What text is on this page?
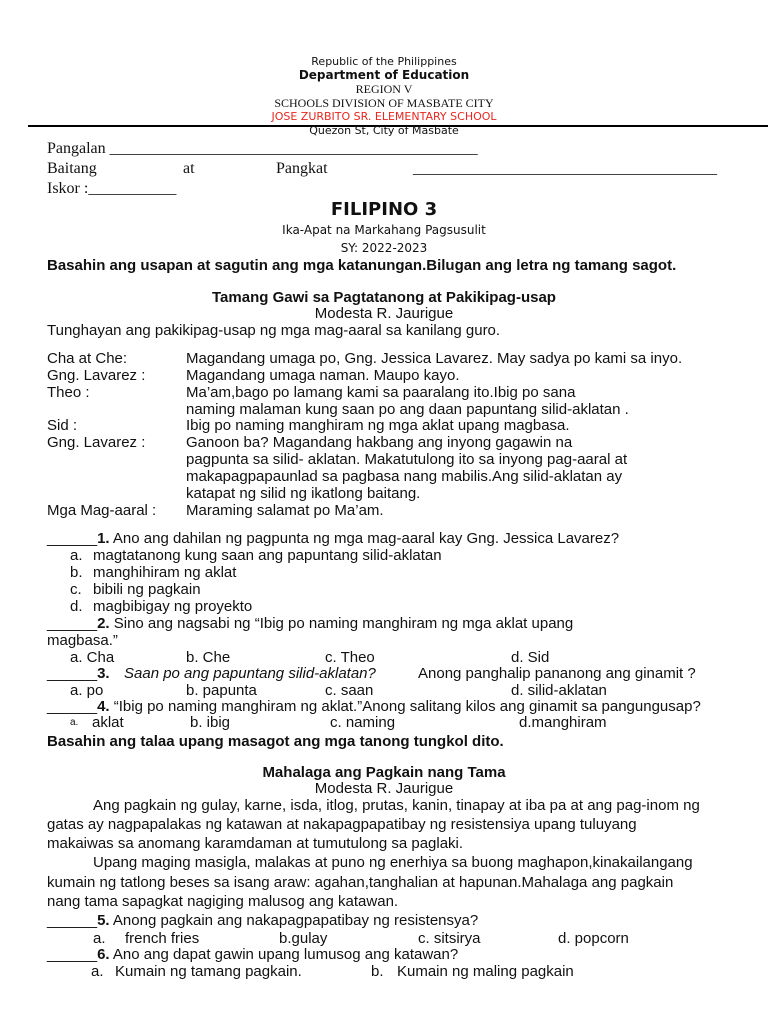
Republic of the Philippines
Department of Education
REGION V
SCHOOLS DIVISION OF MASBATE CITY
JOSE ZURBITO SR. ELEMENTARY SCHOOL
Quezon St, City of Masbate
Pangalan ______________________________________________
Baitang	at	Pangkat	______________________________________
Iskor :___________
FILIPINO 3
Ika-Apat na Markahang Pagsusulit
SY: 2022-2023
Basahin ang usapan at sagutin ang mga katanungan.Bilugan ang letra ng tamang sagot.
Tamang Gawi sa Pagtatanong at Pakikipag-usap
Modesta R. Jaurigue
Tunghayan ang pakikipag-usap ng mga mag-aaral sa kanilang guro.
Cha at Che:	Magandang umaga po, Gng. Jessica Lavarez. May sadya po kami sa inyo.
Gng. Lavarez :	Magandang umaga naman. Maupo kayo.
Theo :	Ma’am,bago po lamang kami sa paaralang ito.Ibig po sana
naming malaman kung saan po ang daan papuntang silid-aklatan .
Sid :	Ibig po naming manghiram ng mga aklat upang magbasa.
Gng. Lavarez :	Ganoon ba? Magandang hakbang ang inyong gagawin na
pagpunta sa silid- aklatan. Makatutulong ito sa inyong pag-aaral at
makapagpapaunlad sa pagbasa nang mabilis.Ang silid-aklatan ay
katapat ng silid ng ikatlong baitang.
Mga Mag-aaral : Maraming salamat po Ma’am.
______1. Ano ang dahilan ng pagpunta ng mga mag-aaral kay Gng. Jessica Lavarez?
a. magtatanong kung saan ang papuntang silid-aklatan
b. manghihiram ng aklat
c. bibili ng pagkain
d. magbibigay ng proyekto
______2. Sino ang nagsabi ng “Ibig po naming manghiram ng mga aklat upang
magbasa.”
a. Cha	b. Che	c. Theo	d. Sid
______3. Saan po ang papuntang silid-aklatan?	Anong panghalip pananong ang ginamit ?
a. po	b. papunta	c. saan	d. silid-aklatan
______4. “Ibig po naming manghiram ng aklat.”Anong salitang kilos ang ginamit sa pangungusap?
a. aklat	b. ibig	c. naming	d.manghiram
Basahin ang talaa upang masagot ang mga tanong tungkol dito.
Mahalaga ang Pagkain nang Tama
Modesta R. Jaurigue
Ang pagkain ng gulay, karne, isda, itlog, prutas, kanin, tinapay at iba pa at ang pag-inom ng
gatas ay nagpapalakas ng katawan at nakapagpapatibay ng resistensiya upang tuluyang
makaiwas sa anomang karamdaman at tumutulong sa paglaki.
Upang maging masigla, malakas at puno ng enerhiya sa buong maghapon,kinakailangang
kumain ng tatlong beses sa isang araw: agahan,tanghalian at hapunan.Mahalaga ang pagkain
nang tama sapagkat nagiging malusog ang katawan.
______5. Anong pagkain ang nakapagpapatibay ng resistensya?
a. french fries	b.gulay	c. sitsirya	d. popcorn
______6. Ano ang dapat gawin upang lumusog ang katawan?
a. Kumain ng tamang pagkain.	b. Kumain ng maling pagkain
